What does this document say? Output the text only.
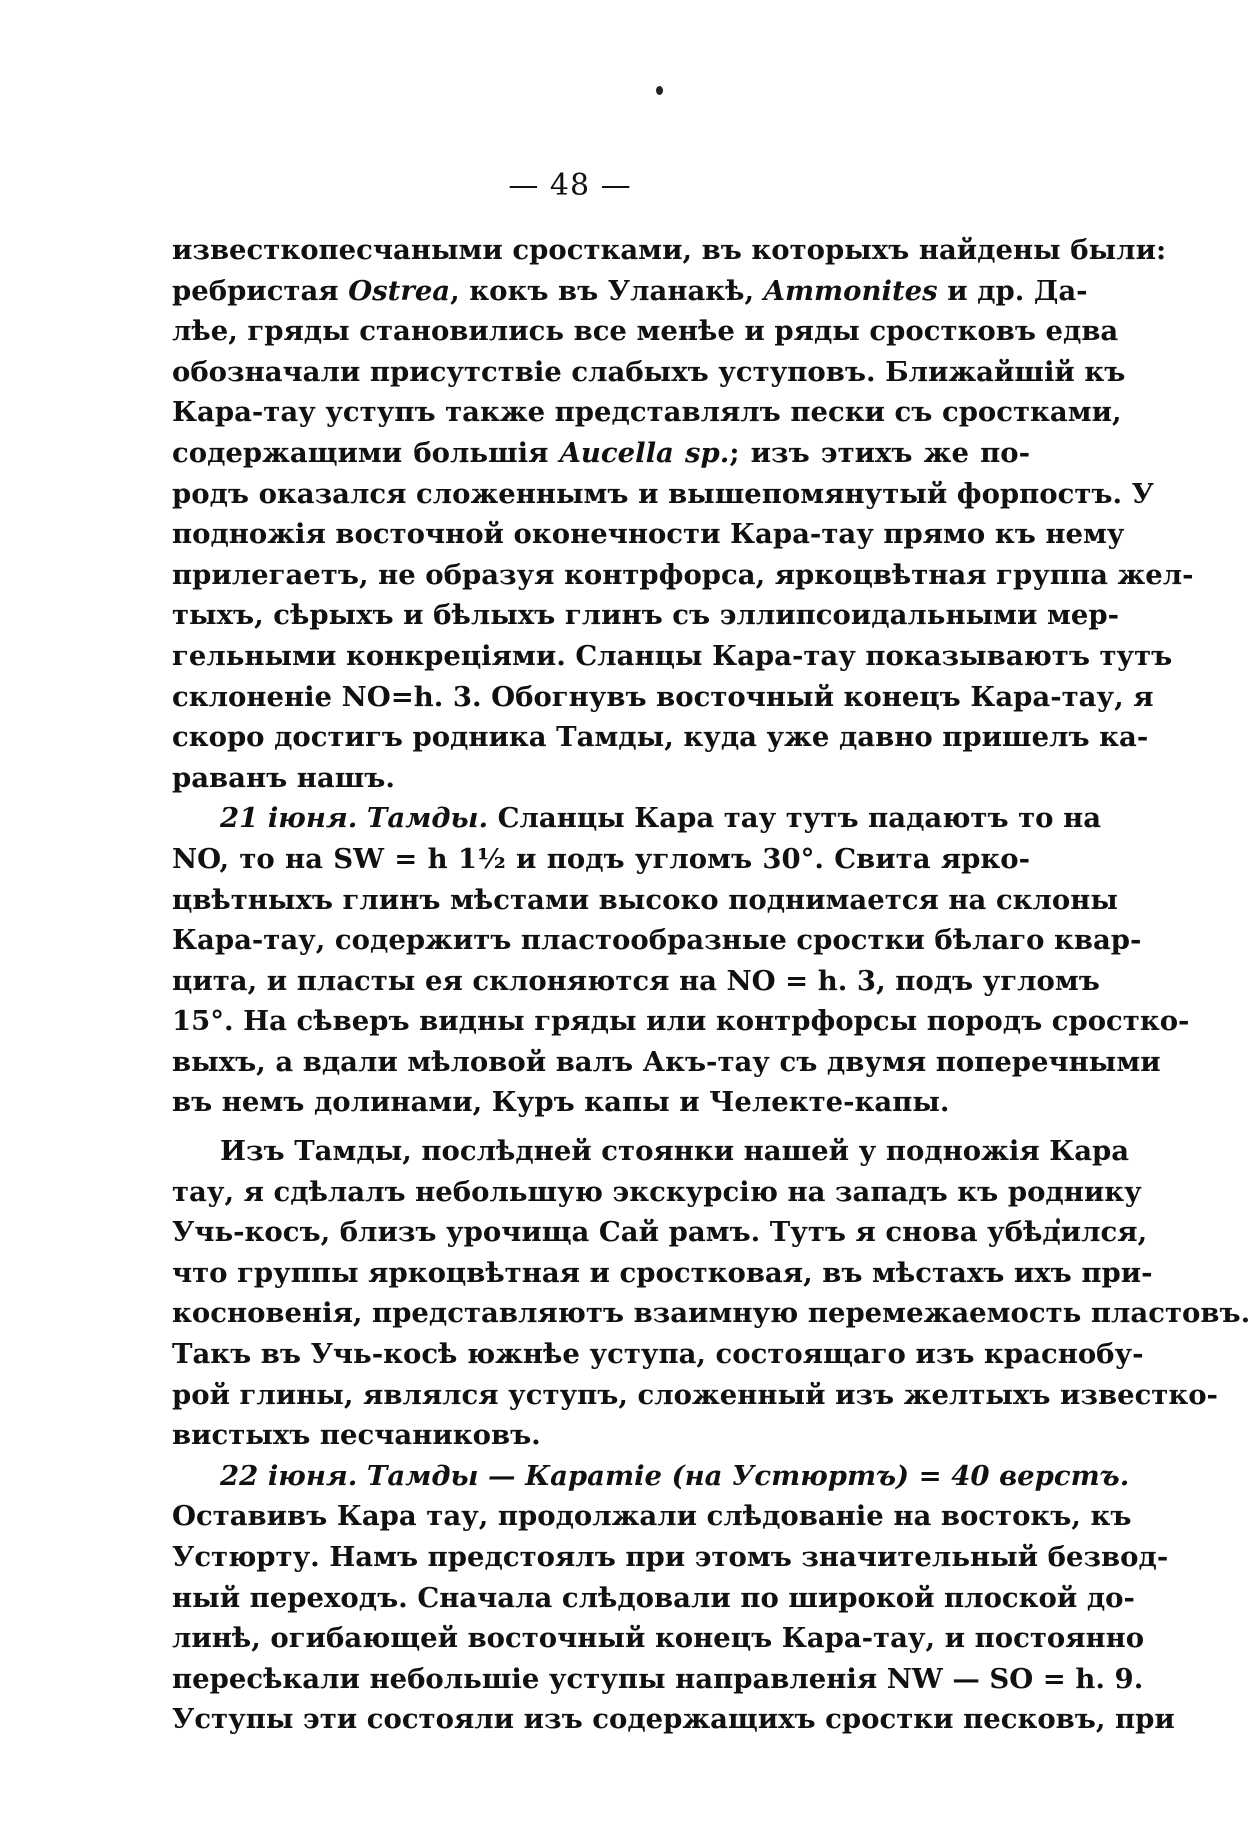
— 48 —
известкопесчаными сростками, въ которыхъ найдены были:
ребристая Ostrea, кокъ въ Уланакѣ, Ammonites и др. Да-
лѣе, гряды становились все менѣе и ряды сростковъ едва
обозначали присутствіе слабыхъ уступовъ. Ближайшій къ
Кара-тау уступъ также представлялъ пески съ сростками,
содержащими большія Aucella sp.; изъ этихъ же по-
родъ оказался сложеннымъ и вышепомянутый форпостъ. У
подножія восточной оконечности Кара-тау прямо къ нему
прилегаетъ, не образуя контрфорса, яркоцвѣтная группа жел-
тыхъ, сѣрыхъ и бѣлыхъ глинъ съ эллипсоидальными мер-
гельными конкреціями. Сланцы Кара-тау показываютъ тутъ
склоненіе NO=h. 3. Обогнувъ восточный конецъ Кара-тау, я
скоро достигъ родника Тамды, куда уже давно пришелъ ка-
раванъ нашъ.
21 іюня. Тамды. Сланцы Кара тау тутъ падаютъ то на
NO, то на SW = h 1½ и подъ угломъ 30°. Свита ярко-
цвѣтныхъ глинъ мѣстами высоко поднимается на склоны
Кара-тау, содержитъ пластообразные сростки бѣлаго квар-
цита, и пласты ея склоняются на NO = h. 3, подъ угломъ
15°. На сѣверъ видны гряды или контрфорсы породъ сростко-
выхъ, а вдали мѣловой валъ Акъ-тау съ двумя поперечными
въ немъ долинами, Куръ капы и Челекте-капы.
Изъ Тамды, послѣдней стоянки нашей у подножія Кара
тау, я сдѣлалъ небольшую экскурсію на западъ къ роднику
Учь-косъ, близъ урочища Сай рамъ. Тутъ я снова убѣдился,
что группы яркоцвѣтная и сростковая, въ мѣстахъ ихъ при-
косновенія, представляютъ взаимную перемежаемость пластовъ.
Такъ въ Учь-косѣ южнѣе уступа, состоящаго изъ краснобу-
рой глины, являлся уступъ, сложенный изъ желтыхъ известко-
вистыхъ песчаниковъ.
22 іюня. Тамды — Каратіе (на Устюртъ) = 40 верстъ.
Оставивъ Кара тау, продолжали слѣдованіе на востокъ, къ
Устюрту. Намъ предстоялъ при этомъ значительный безвод-
ный переходъ. Сначала слѣдовали по широкой плоской до-
линѣ, огибающей восточный конецъ Кара-тау, и постоянно
пересѣкали небольшіе уступы направленія NW — SO = h. 9.
Уступы эти состояли изъ содержащихъ сростки песковъ, при
